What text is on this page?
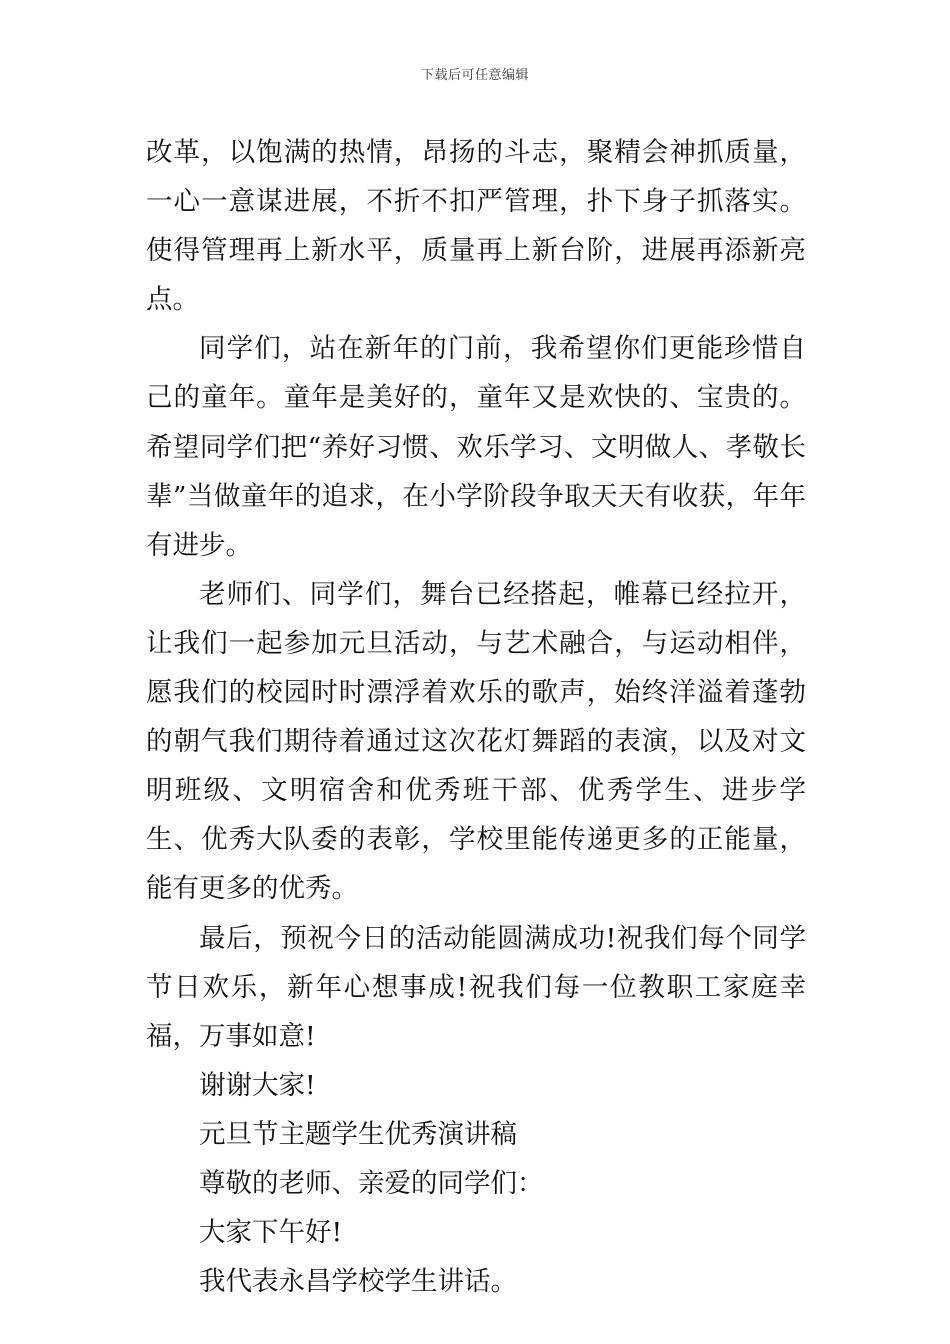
下载后可任意编辑

改革，以饱满的热情，昂扬的斗志，聚精会神抓质量，一心一意谋进展，不折不扣严管理，扑下身子抓落实。使得管理再上新水平，质量再上新台阶，进展再添新亮点。

同学们，站在新年的门前，我希望你们更能珍惜自己的童年。童年是美好的，童年又是欢快的、宝贵的。希望同学们把“养好习惯、欢乐学习、文明做人、孝敬长辈”当做童年的追求，在小学阶段争取天天有收获，年年有进步。

老师们、同学们，舞台已经搭起，帷幕已经拉开，让我们一起参加元旦活动，与艺术融合，与运动相伴，愿我们的校园时时漂浮着欢乐的歌声，始终洋溢着蓬勃的朝气我们期待着通过这次花灯舞蹈的表演，以及对文明班级、文明宿舍和优秀班干部、优秀学生、进步学生、优秀大队委的表彰，学校里能传递更多的正能量，能有更多的优秀。

最后，预祝今日的活动能圆满成功!祝我们每个同学节日欢乐，新年心想事成!祝我们每一位教职工家庭幸福，万事如意!

谢谢大家!

元旦节主题学生优秀演讲稿

尊敬的老师、亲爱的同学们：

大家下午好!

我代表永昌学校学生讲话。
